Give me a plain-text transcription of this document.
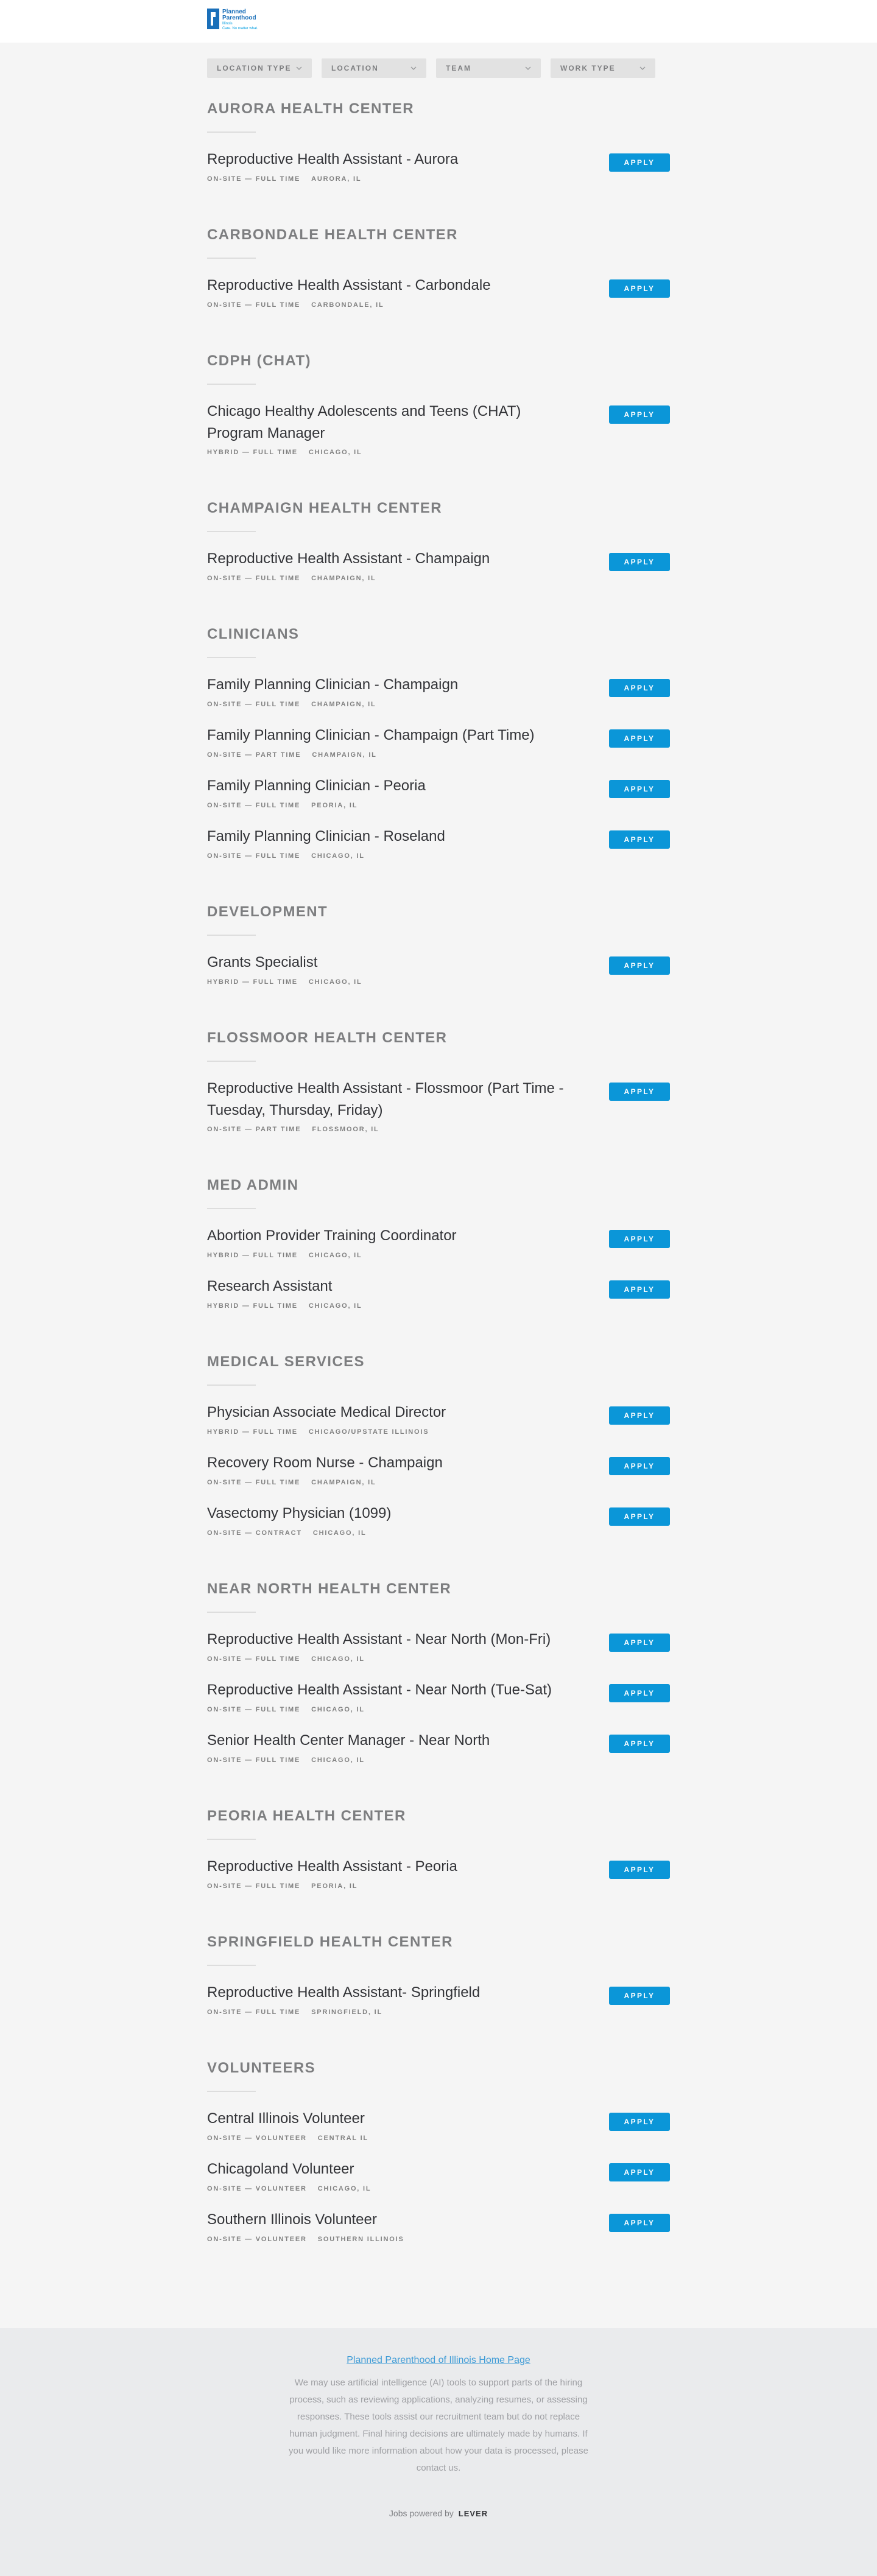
Planned
Parenthood
Illinois
Care. No matter what.
LOCATION TYPE	LOCATION	TEAM	WORK TYPE
AURORA HEALTH CENTER
Reproductive Health Assistant - Aurora
ON-SITE — FULL TIME AURORA, IL
APPLY
CARBONDALE HEALTH CENTER
Reproductive Health Assistant - Carbondale
ON-SITE — FULL TIME CARBONDALE, IL
APPLY
CDPH (CHAT)
Chicago Healthy Adolescents and Teens (CHAT) Program Manager
HYBRID — FULL TIME CHICAGO, IL
APPLY
CHAMPAIGN HEALTH CENTER
Reproductive Health Assistant - Champaign
ON-SITE — FULL TIME CHAMPAIGN, IL
APPLY
CLINICIANS
Family Planning Clinician - Champaign
ON-SITE — FULL TIME CHAMPAIGN, IL
APPLY
Family Planning Clinician - Champaign (Part Time)
ON-SITE — PART TIME CHAMPAIGN, IL
APPLY
Family Planning Clinician - Peoria
ON-SITE — FULL TIME PEORIA, IL
APPLY
Family Planning Clinician - Roseland
ON-SITE — FULL TIME CHICAGO, IL
APPLY
DEVELOPMENT
Grants Specialist
HYBRID — FULL TIME CHICAGO, IL
APPLY
FLOSSMOOR HEALTH CENTER
Reproductive Health Assistant - Flossmoor (Part Time - Tuesday, Thursday, Friday)
ON-SITE — PART TIME FLOSSMOOR, IL
APPLY
MED ADMIN
Abortion Provider Training Coordinator
HYBRID — FULL TIME CHICAGO, IL
APPLY
Research Assistant
HYBRID — FULL TIME CHICAGO, IL
APPLY
MEDICAL SERVICES
Physician Associate Medical Director
HYBRID — FULL TIME CHICAGO/UPSTATE ILLINOIS
APPLY
Recovery Room Nurse - Champaign
ON-SITE — FULL TIME CHAMPAIGN, IL
APPLY
Vasectomy Physician (1099)
ON-SITE — CONTRACT CHICAGO, IL
APPLY
NEAR NORTH HEALTH CENTER
Reproductive Health Assistant - Near North (Mon-Fri)
ON-SITE — FULL TIME CHICAGO, IL
APPLY
Reproductive Health Assistant - Near North (Tue-Sat)
ON-SITE — FULL TIME CHICAGO, IL
APPLY
Senior Health Center Manager - Near North
ON-SITE — FULL TIME CHICAGO, IL
APPLY
PEORIA HEALTH CENTER
Reproductive Health Assistant - Peoria
ON-SITE — FULL TIME PEORIA, IL
APPLY
SPRINGFIELD HEALTH CENTER
Reproductive Health Assistant- Springfield
ON-SITE — FULL TIME SPRINGFIELD, IL
APPLY
VOLUNTEERS
Central Illinois Volunteer
ON-SITE — VOLUNTEER CENTRAL IL
APPLY
Chicagoland Volunteer
ON-SITE — VOLUNTEER CHICAGO, IL
APPLY
Southern Illinois Volunteer
ON-SITE — VOLUNTEER SOUTHERN ILLINOIS
APPLY
Planned Parenthood of Illinois Home Page
We may use artificial intelligence (AI) tools to support parts of the hiring process, such as reviewing applications, analyzing resumes, or assessing responses. These tools assist our recruitment team but do not replace human judgment. Final hiring decisions are ultimately made by humans. If you would like more information about how your data is processed, please contact us.
Jobs powered by LEVER
